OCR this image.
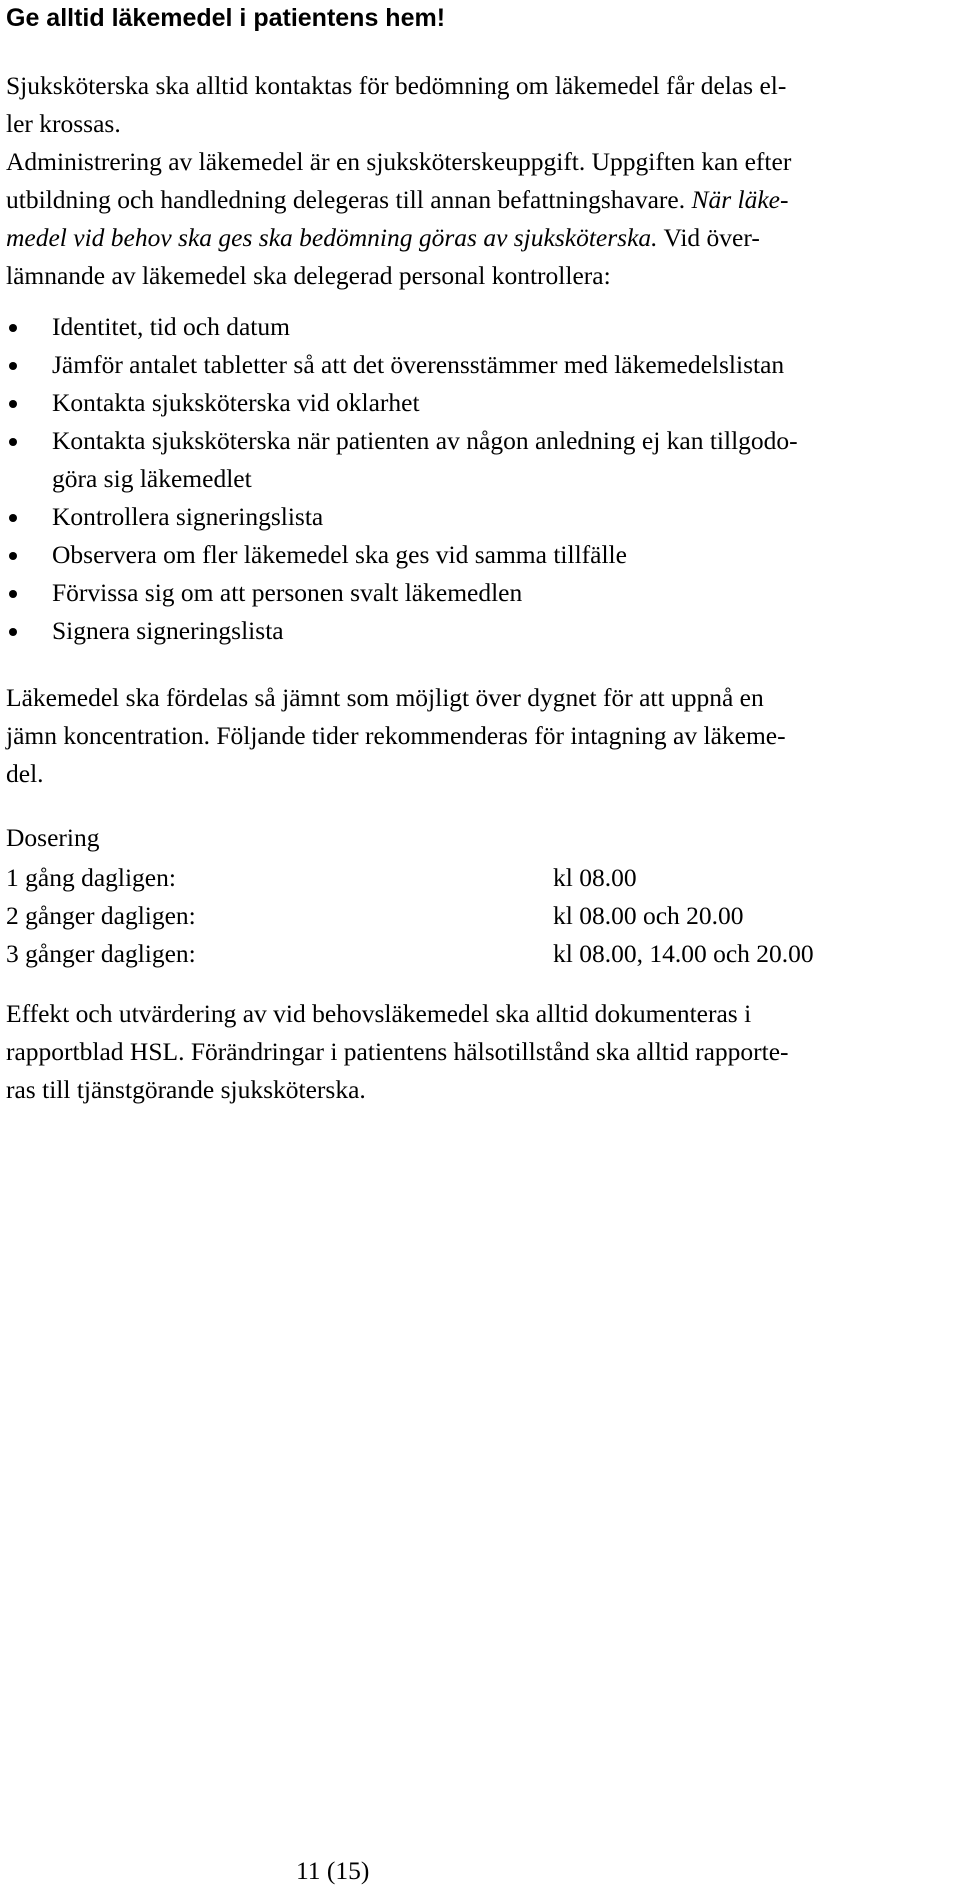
Ge alltid läkemedel i patientens hem!

Sjuksköterska ska alltid kontaktas för bedömning om läkemedel får delas el-
ler krossas.

Administrering av läkemedel är en sjuksköterskeuppgift. Uppgiften kan efter
utbildning och handledning delegeras till annan befattningshavare. När läke-
medel vid behov ska ges ska bedömning göras av sjuksköterska. Vid över-
lämnande av läkemedel ska delegerad personal kontrollera:

Identitet, tid och datum
Jämför antalet tabletter så att det överensstämmer med läkemedelslistan
Kontakta sjuksköterska vid oklarhet
Kontakta sjuksköterska när patienten av någon anledning ej kan tillgodo-
göra sig läkemedlet
Kontrollera signeringslista
Observera om fler läkemedel ska ges vid samma tillfälle
Förvissa sig om att personen svalt läkemedlen
Signera signeringslista

Läkemedel ska fördelas så jämnt som möjligt över dygnet för att uppnå en
jämn koncentration. Följande tider rekommenderas för intagning av läkeme-
del.

Dosering

1 gång dagligen:	kl 08.00
2 gånger dagligen:	kl 08.00 och 20.00
3 gånger dagligen:	kl 08.00, 14.00 och 20.00

Effekt och utvärdering av vid behovsläkemedel ska alltid dokumenteras i
rapportblad HSL. Förändringar i patientens hälsotillstånd ska alltid rapporte-
ras till tjänstgörande sjuksköterska.

11 (15)
